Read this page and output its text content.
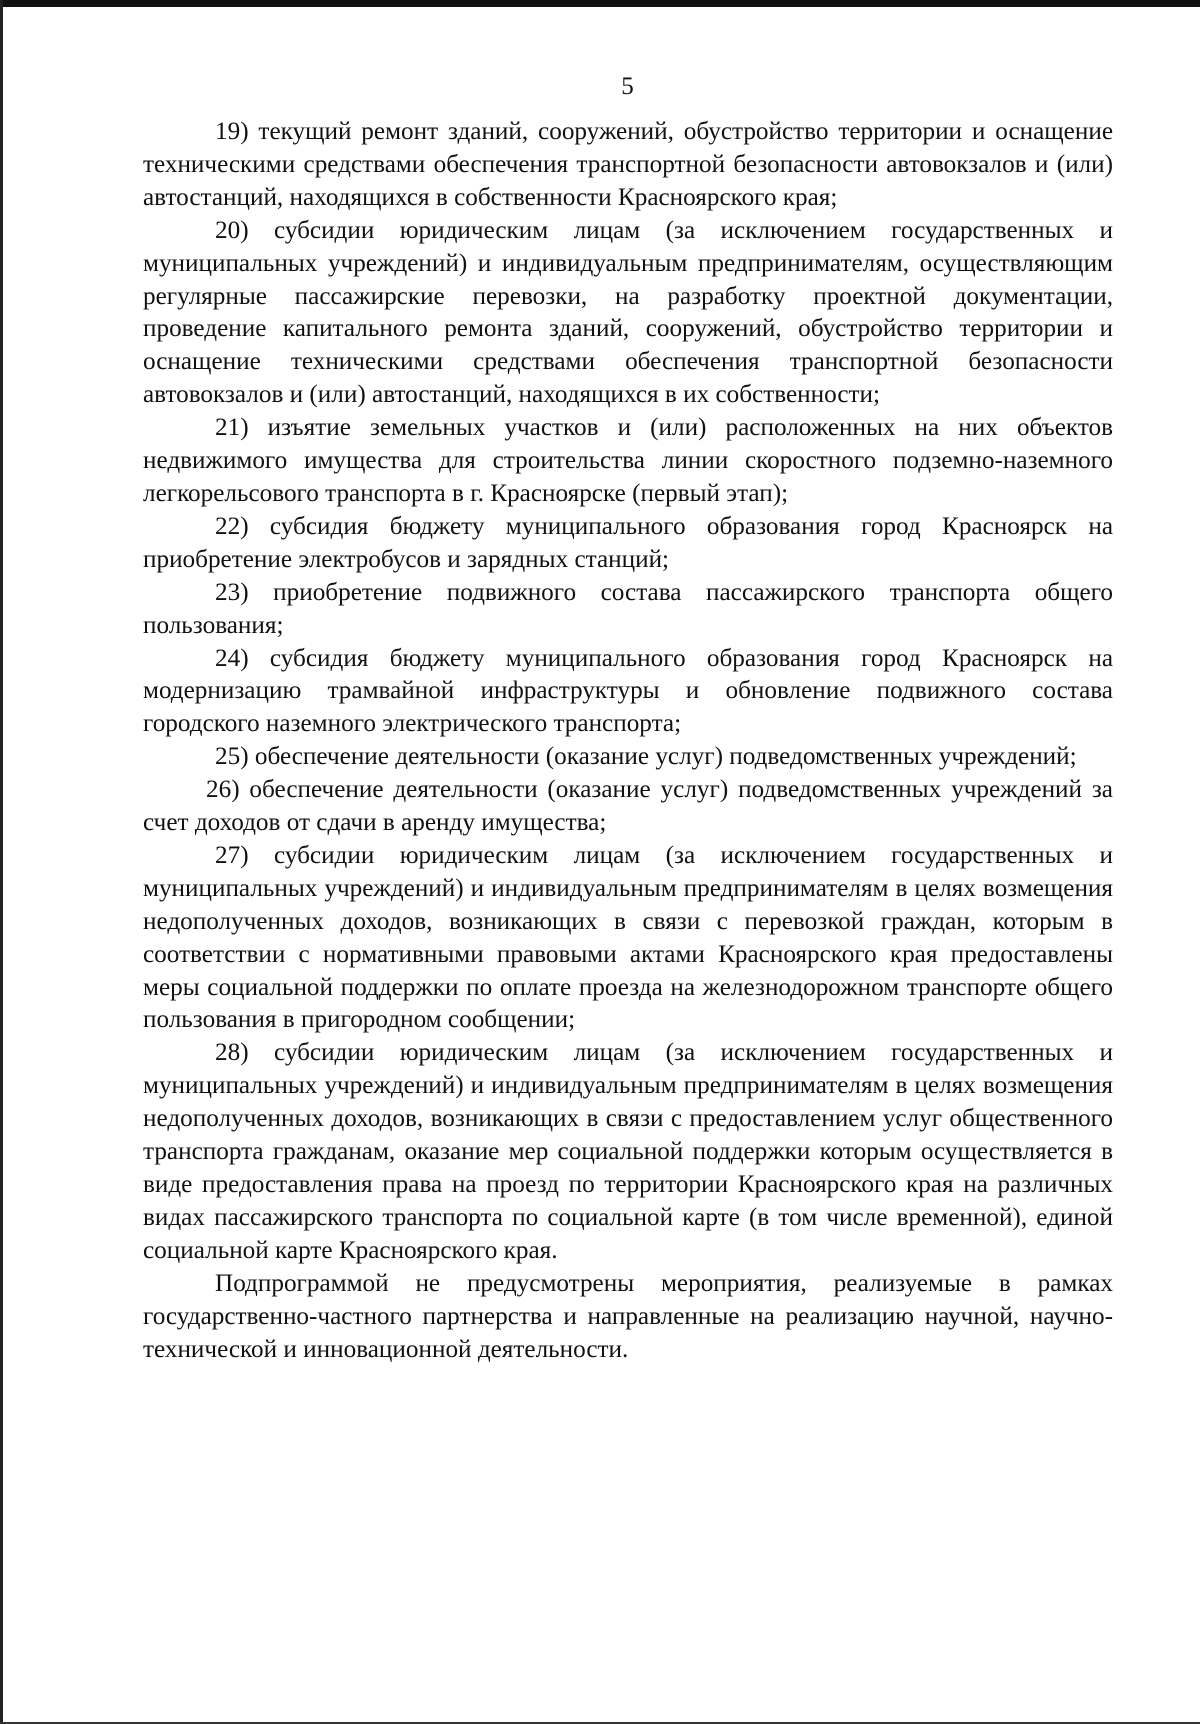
5

19) текущий ремонт зданий, сооружений, обустройство территории и оснащение техническими средствами обеспечения транспортной безопасности автовокзалов и (или) автостанций, находящихся в собственности Красноярского края;

20) субсидии юридическим лицам (за исключением государственных и муниципальных учреждений) и индивидуальным предпринимателям, осуществляющим регулярные пассажирские перевозки, на разработку проектной документации, проведение капитального ремонта зданий, сооружений, обустройство территории и оснащение техническими средствами обеспечения транспортной безопасности автовокзалов и (или) автостанций, находящихся в их собственности;

21) изъятие земельных участков и (или) расположенных на них объектов недвижимого имущества для строительства линии скоростного подземно-наземного легкорельсового транспорта в г. Красноярске (первый этап);

22) субсидия бюджету муниципального образования город Красноярск на приобретение электробусов и зарядных станций;

23) приобретение подвижного состава пассажирского транспорта общего пользования;

24) субсидия бюджету муниципального образования город Красноярск на модернизацию трамвайной инфраструктуры и обновление подвижного состава городского наземного электрического транспорта;

25) обеспечение деятельности (оказание услуг) подведомственных учреждений;

26) обеспечение деятельности (оказание услуг) подведомственных учреждений за счет доходов от сдачи в аренду имущества;

27) субсидии юридическим лицам (за исключением государственных и муниципальных учреждений) и индивидуальным предпринимателям в целях возмещения недополученных доходов, возникающих в связи с перевозкой граждан, которым в соответствии с нормативными правовыми актами Красноярского края предоставлены меры социальной поддержки по оплате проезда на железнодорожном транспорте общего пользования в пригородном сообщении;

28) субсидии юридическим лицам (за исключением государственных и муниципальных учреждений) и индивидуальным предпринимателям в целях возмещения недополученных доходов, возникающих в связи с предоставлением услуг общественного транспорта гражданам, оказание мер социальной поддержки которым осуществляется в виде предоставления права на проезд по территории Красноярского края на различных видах пассажирского транспорта по социальной карте (в том числе временной), единой социальной карте Красноярского края.

Подпрограммой не предусмотрены мероприятия, реализуемые в рамках государственно-частного партнерства и направленные на реализацию научной, научно-технической и инновационной деятельности.
